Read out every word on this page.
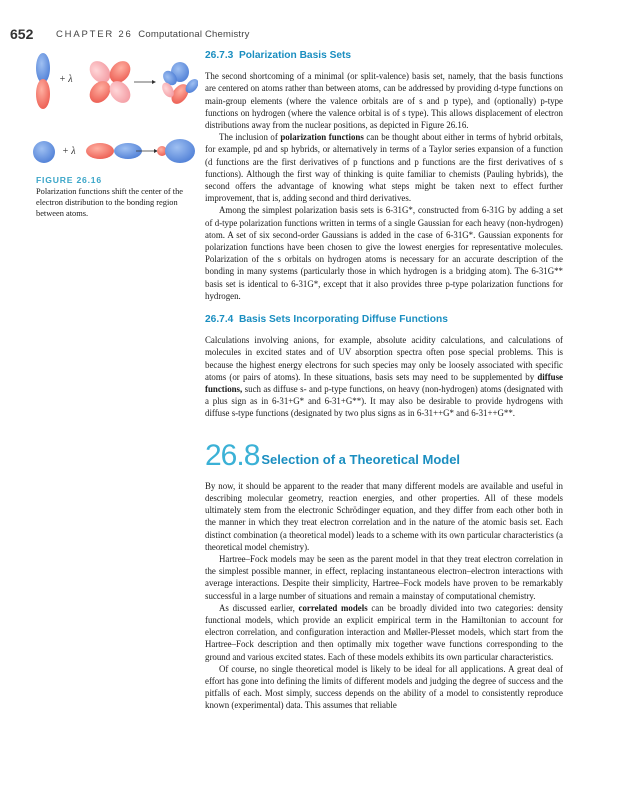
652 CHAPTER 26 Computational Chemistry
+ λ
+ λ
FIGURE 26.16
Polarization functions shift the center of the electron distribution to the bonding region between atoms.
26.7.3 Polarization Basis Sets

The second shortcoming of a minimal (or split-valence) basis set, namely, that the basis functions are centered on atoms rather than between atoms, can be addressed by providing d-type functions on main-group elements (where the valence orbitals are of s and p type), and (optionally) p-type functions on hydrogen (where the valence orbital is of s type). This allows displacement of electron distributions away from the nuclear positions, as depicted in Figure 26.16.

The inclusion of polarization functions can be thought about either in terms of hybrid orbitals, for example, pd and sp hybrids, or alternatively in terms of a Taylor series expansion of a function (d functions are the first derivatives of p functions and p functions are the first derivatives of s functions). Although the first way of thinking is quite familiar to chemists (Pauling hybrids), the second offers the advantage of knowing what steps might be taken next to effect further improvement, that is, adding second and third derivatives.

Among the simplest polarization basis sets is 6-31G*, constructed from 6-31G by adding a set of d-type polarization functions written in terms of a single Gaussian for each heavy (non-hydrogen) atom. A set of six second-order Gaussians is added in the case of 6-31G*. Gaussian exponents for polarization functions have been chosen to give the lowest energies for representative molecules. Polarization of the s orbitals on hydrogen atoms is necessary for an accurate description of the bonding in many systems (particularly those in which hydrogen is a bridging atom). The 6-31G** basis set is identical to 6-31G*, except that it also provides three p-type polarization functions for hydrogen.

26.7.4 Basis Sets Incorporating Diffuse Functions

Calculations involving anions, for example, absolute acidity calculations, and calculations of molecules in excited states and of UV absorption spectra often pose special problems. This is because the highest energy electrons for such species may only be loosely associated with specific atoms (or pairs of atoms). In these situations, basis sets may need to be supplemented by diffuse functions, such as diffuse s- and p-type functions, on heavy (non-hydrogen) atoms (designated with a plus sign as in 6-31+G* and 6-31+G**). It may also be desirable to provide hydrogens with diffuse s-type functions (designated by two plus signs as in 6-31++G* and 6-31++G**.

26.8 Selection of a Theoretical Model

By now, it should be apparent to the reader that many different models are available and useful in describing molecular geometry, reaction energies, and other properties. All of these models ultimately stem from the electronic Schrödinger equation, and they differ from each other both in the manner in which they treat electron correlation and in the nature of the atomic basis set. Each distinct combination (a theoretical model) leads to a scheme with its own particular characteristics (a theoretical model chemistry).

Hartree–Fock models may be seen as the parent model in that they treat electron correlation in the simplest possible manner, in effect, replacing instantaneous electron–electron interactions with average interactions. Despite their simplicity, Hartree–Fock models have proven to be remarkably successful in a large number of situations and remain a mainstay of computational chemistry.

As discussed earlier, correlated models can be broadly divided into two categories: density functional models, which provide an explicit empirical term in the Hamiltonian to account for electron correlation, and configuration interaction and Møller-Plesset models, which start from the Hartree–Fock description and then optimally mix together wave functions corresponding to the ground and various excited states. Each of these models exhibits its own particular characteristics.

Of course, no single theoretical model is likely to be ideal for all applications. A great deal of effort has gone into defining the limits of different models and judging the degree of success and the pitfalls of each. Most simply, success depends on the ability of a model to consistently reproduce known (experimental) data. This assumes that reliable
